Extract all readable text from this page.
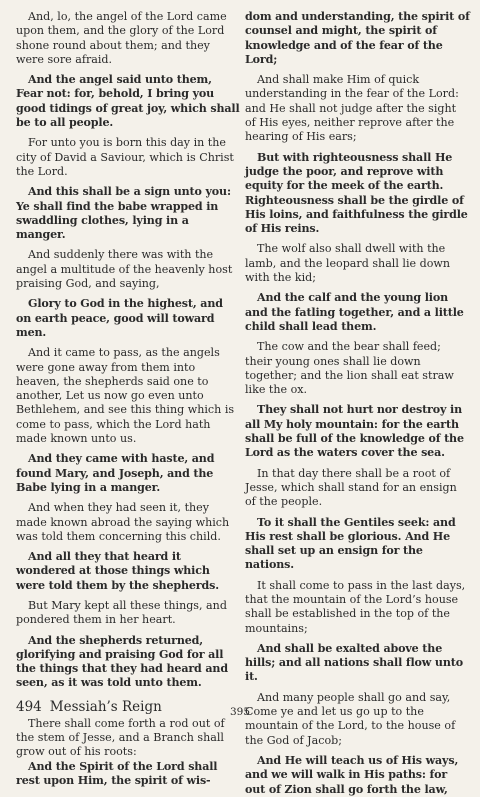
And, lo, the angel of the Lord came upon them, and the glory of the Lord shone round about them; and they were sore afraid.

And the angel said unto them, Fear not: for, behold, I bring you good tidings of great joy, which shall be to all people.

For unto you is born this day in the city of David a Saviour, which is Christ the Lord.

And this shall be a sign unto you: Ye shall find the babe wrapped in swaddling clothes, lying in a manger.

And suddenly there was with the angel a multitude of the heavenly host praising God, and saying,

Glory to God in the highest, and on earth peace, good will toward men.

And it came to pass, as the angels were gone away from them into heaven, the shepherds said one to another, Let us now go even unto Bethlehem, and see this thing which is come to pass, which the Lord hath made known unto us.

And they came with haste, and found Mary, and Joseph, and the Babe lying in a manger.

And when they had seen it, they made known abroad the saying which was told them concerning this child.

And all they that heard it wondered at those things which were told them by the shepherds.

But Mary kept all these things, and pondered them in her heart.

And the shepherds returned, glorifying and praising God for all the things that they had heard and seen, as it was told unto them.

494 Messiah’s Reign

There shall come forth a rod out of the stem of Jesse, and a Branch shall grow out of his roots:

And the Spirit of the Lord shall rest upon Him, the spirit of wis-

dom and understanding, the spirit of counsel and might, the spirit of knowledge and of the fear of the Lord;

And shall make Him of quick understanding in the fear of the Lord: and He shall not judge after the sight of His eyes, neither reprove after the hearing of His ears;

But with righteousness shall He judge the poor, and reprove with equity for the meek of the earth. Righteousness shall be the girdle of His loins, and faithfulness the girdle of His reins.

The wolf also shall dwell with the lamb, and the leopard shall lie down with the kid;

And the calf and the young lion and the fatling together, and a little child shall lead them.

The cow and the bear shall feed; their young ones shall lie down together; and the lion shall eat straw like the ox.

They shall not hurt nor destroy in all My holy mountain: for the earth shall be full of the knowledge of the Lord as the waters cover the sea.

In that day there shall be a root of Jesse, which shall stand for an ensign of the people.

To it shall the Gentiles seek: and His rest shall be glorious. And He shall set up an ensign for the nations.

It shall come to pass in the last days, that the mountain of the Lord’s house shall be established in the top of the mountains;

And shall be exalted above the hills; and all nations shall flow unto it.

And many people shall go and say, Come ye and let us go up to the mountain of the Lord, to the house of the God of Jacob;

And He will teach us of His ways, and we will walk in His paths: for out of Zion shall go forth the law,

395
